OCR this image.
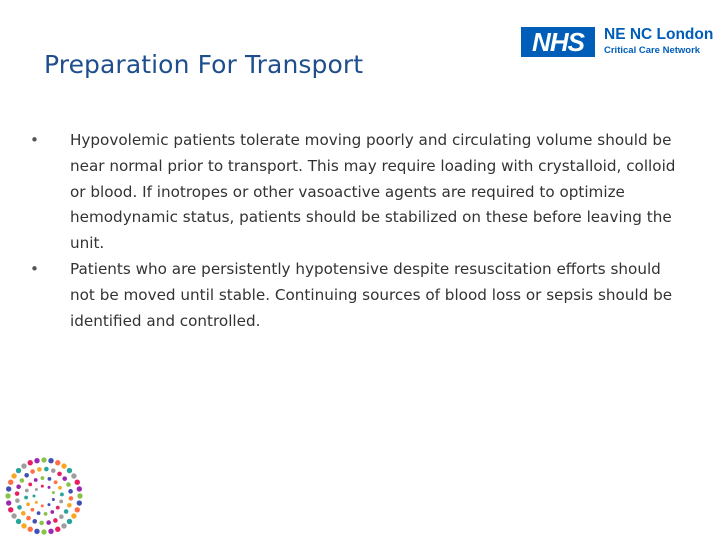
Preparation For Transport
NHS	NE NC London
Critical Care Network
• Hypovolemic patients tolerate moving poorly and circulating volume should be near normal prior to transport. This may require loading with crystalloid, colloid or blood. If inotropes or other vasoactive agents are required to optimize hemodynamic status, patients should be stabilized on these before leaving the unit.
• Patients who are persistently hypotensive despite resuscitation efforts should not be moved until stable. Continuing sources of blood loss or sepsis should be identified and controlled.
